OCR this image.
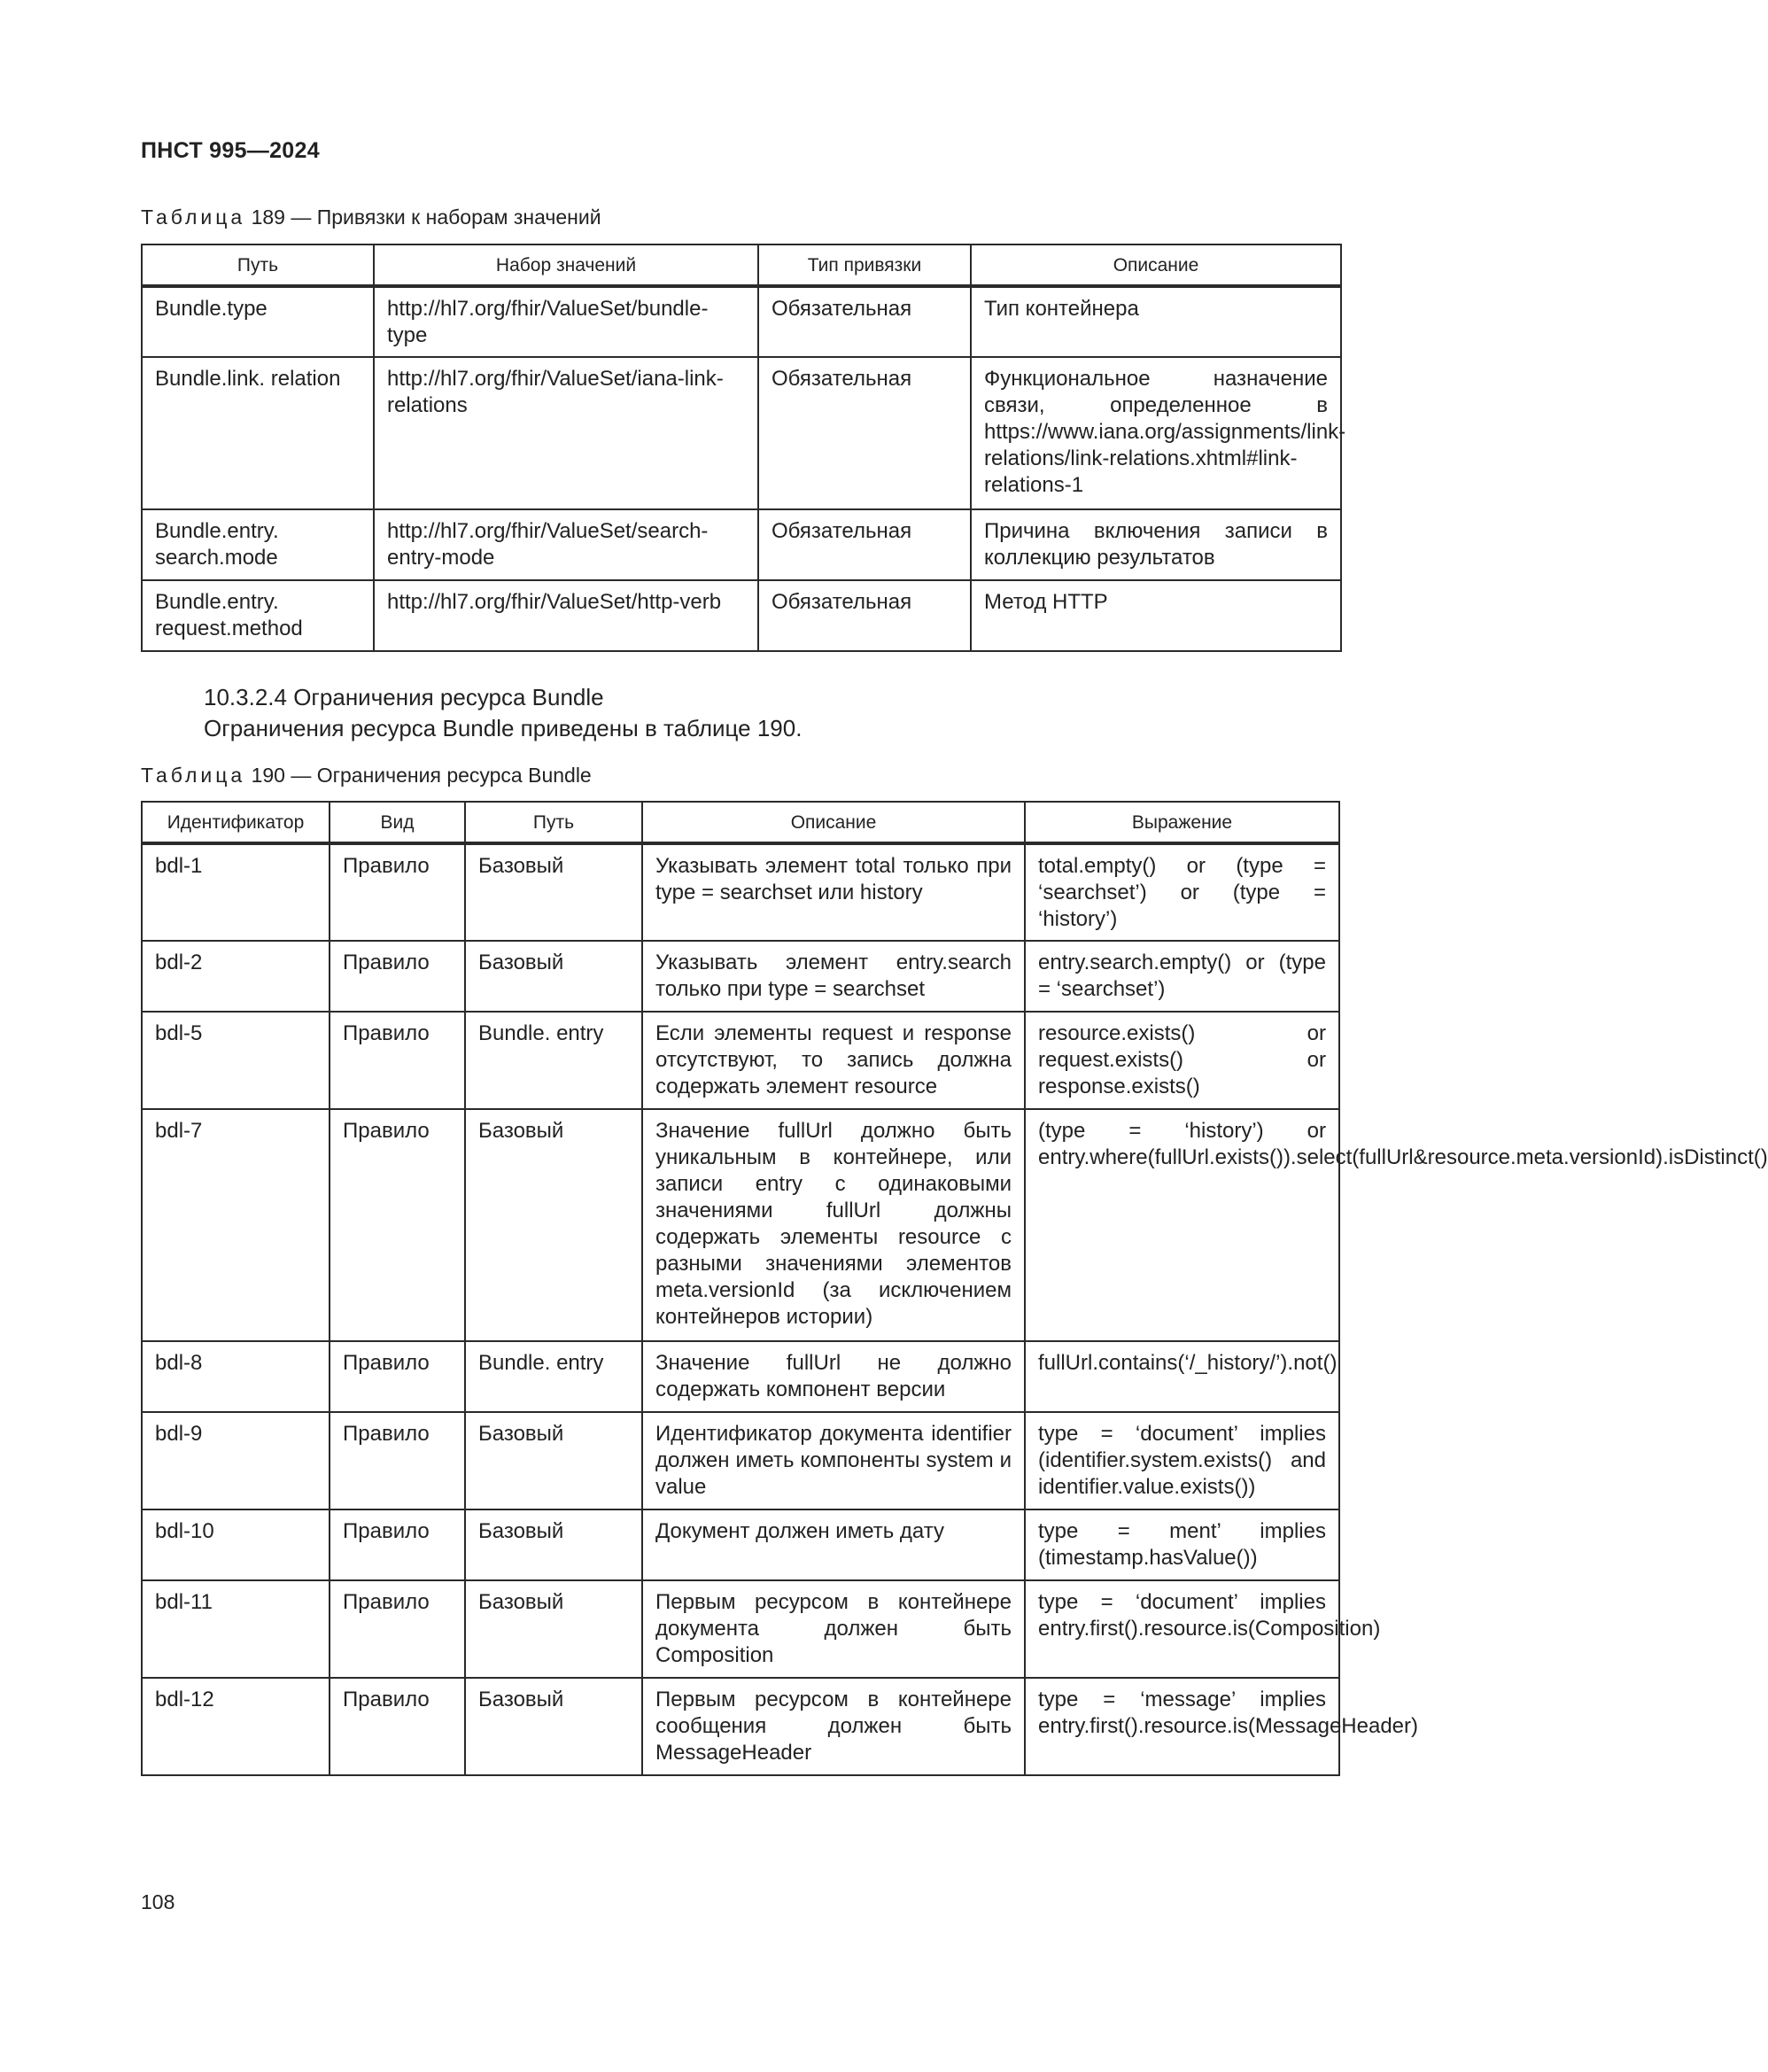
ПНСТ 995—2024
Таблица 189 — Привязки к наборам значений
Путь	Набор значений	Тип привязки	Описание
Bundle.type	http://hl7.org/fhir/ValueSet/bundle-type	Обязательная	Тип контейнера
Bundle.link. relation	http://hl7.org/fhir/ValueSet/iana-link-relations	Обязательная	Функциональное назначение связи, определенное в https://www.iana.org/assignments/link-relations/link-relations.xhtml#link-relations-1
Bundle.entry. search.mode	http://hl7.org/fhir/ValueSet/search-entry-mode	Обязательная	Причина включения записи в коллекцию результатов
Bundle.entry. request.method	http://hl7.org/fhir/ValueSet/http-verb	Обязательная	Метод HTTP
10.3.2.4 Ограничения ресурса Bundle
Ограничения ресурса Bundle приведены в таблице 190.
Таблица 190 — Ограничения ресурса Bundle
Идентификатор	Вид	Путь	Описание	Выражение
bdl-1	Правило	Базовый	Указывать элемент total только при type = searchset или history	total.empty() or (type = ‘searchset’) or (type = ‘history’)
bdl-2	Правило	Базовый	Указывать элемент entry.search только при type = searchset	entry.search.empty() or (type = ‘searchset’)
bdl-5	Правило	Bundle. entry	Если элементы request и response отсутствуют, то запись должна содержать элемент resource	resource.exists() or request.exists() or response.exists()
bdl-7	Правило	Базовый	Значение fullUrl должно быть уникальным в контейнере, или записи entry с одинаковыми значениями fullUrl должны содержать элементы resource с разными значениями элементов meta.versionId (за исключением контейнеров истории)	(type = ‘history’) or entry.where(fullUrl.exists()).select(fullUrl&resource.meta.versionId).isDistinct()
bdl-8	Правило	Bundle. entry	Значение fullUrl не должно содержать компонент версии	fullUrl.contains(‘/_history/’).not()
bdl-9	Правило	Базовый	Идентификатор документа identifier должен иметь компоненты system и value	type = ‘document’ implies (identifier.system.exists() and identifier.value.exists())
bdl-10	Правило	Базовый	Документ должен иметь дату	type = ment’ implies (timestamp.hasValue())
bdl-11	Правило	Базовый	Первым ресурсом в контейнере документа должен быть Composition	type = ‘document’ implies entry.first().resource.is(Composition)
bdl-12	Правило	Базовый	Первым ресурсом в контейнере сообщения должен быть MessageHeader	type = ‘message’ implies entry.first().resource.is(MessageHeader)
108
